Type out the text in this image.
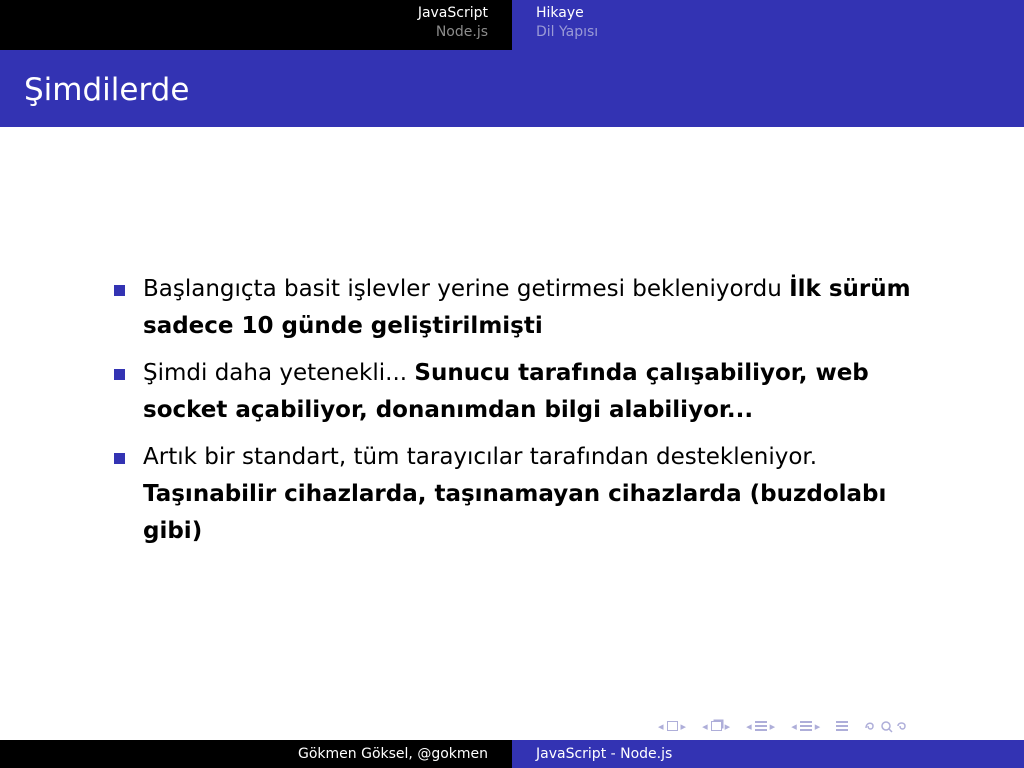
JavaScript
Node.js
Hikaye
Dil Yapısı
Şimdilerde
Başlangıçta basit işlevler yerine getirmesi bekleniyordu İlk sürüm sadece 10 günde geliştirilmişti
Şimdi daha yetenekli... Sunucu tarafında çalışabiliyor, web socket açabiliyor, donanımdan bilgi alabiliyor...
Artık bir standart, tüm tarayıcılar tarafından destekleniyor. Taşınabilir cihazlarda, taşınamayan cihazlarda (buzdolabı gibi)
◂ ▸ ◂ ▸ ◂ ▸ ◂ ▸
Gökmen Göksel, @gokmen	JavaScript - Node.js
